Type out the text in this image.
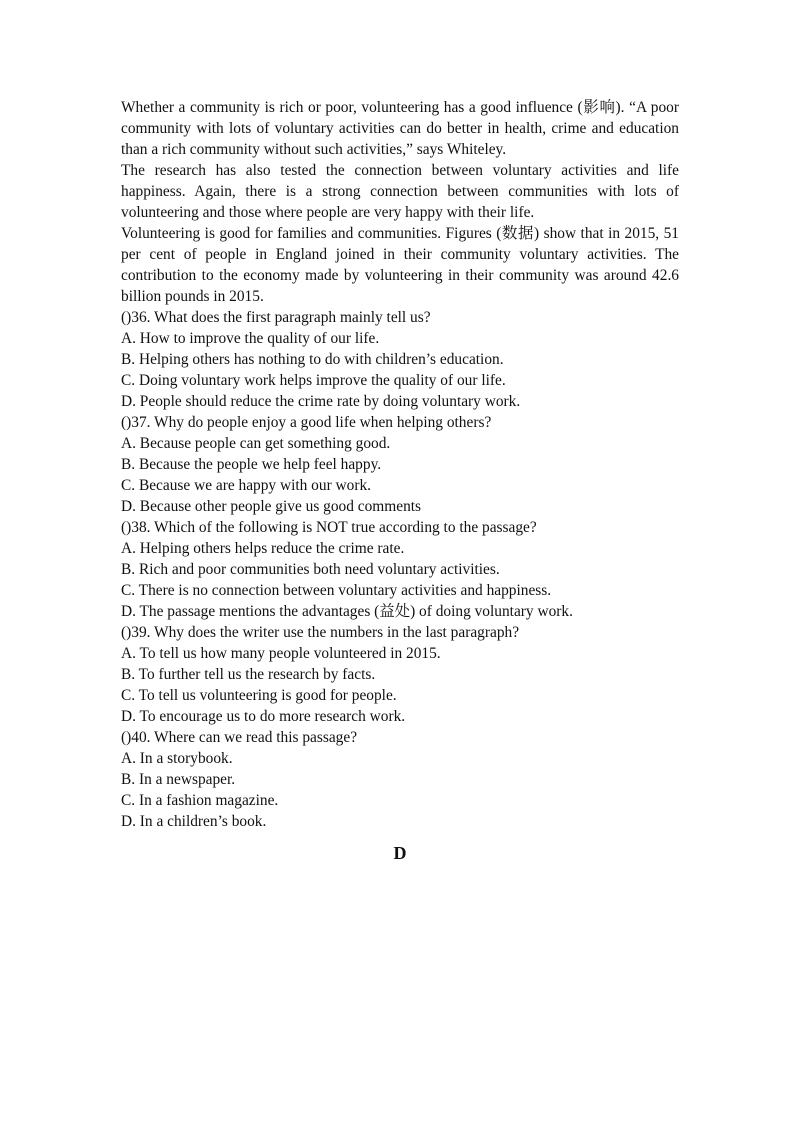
Whether a community is rich or poor, volunteering has a good influence (影响). “A poor community with lots of voluntary activities can do better in health, crime and education than a rich community without such activities,” says Whiteley.

The research has also tested the connection between voluntary activities and life happiness. Again, there is a strong connection between communities with lots of volunteering and those where people are very happy with their life.

Volunteering is good for families and communities. Figures (数据) show that in 2015, 51 per cent of people in England joined in their community voluntary activities. The contribution to the economy made by volunteering in their community was around 42.6 billion pounds in 2015.

()36. What does the first paragraph mainly tell us?

A. How to improve the quality of our life.

B. Helping others has nothing to do with children’s education.

C. Doing voluntary work helps improve the quality of our life.

D. People should reduce the crime rate by doing voluntary work.

()37. Why do people enjoy a good life when helping others?

A. Because people can get something good.

B. Because the people we help feel happy.

C. Because we are happy with our work.

D. Because other people give us good comments

()38. Which of the following is NOT true according to the passage?

A. Helping others helps reduce the crime rate.

B. Rich and poor communities both need voluntary activities.

C. There is no connection between voluntary activities and happiness.

D. The passage mentions the advantages (益处) of doing voluntary work.

()39. Why does the writer use the numbers in the last paragraph?

A. To tell us how many people volunteered in 2015.

B. To further tell us the research by facts.

C. To tell us volunteering is good for people.

D. To encourage us to do more research work.

()40. Where can we read this passage?

A. In a storybook.

B. In a newspaper.

C. In a fashion magazine.

D. In a children’s book.

D
